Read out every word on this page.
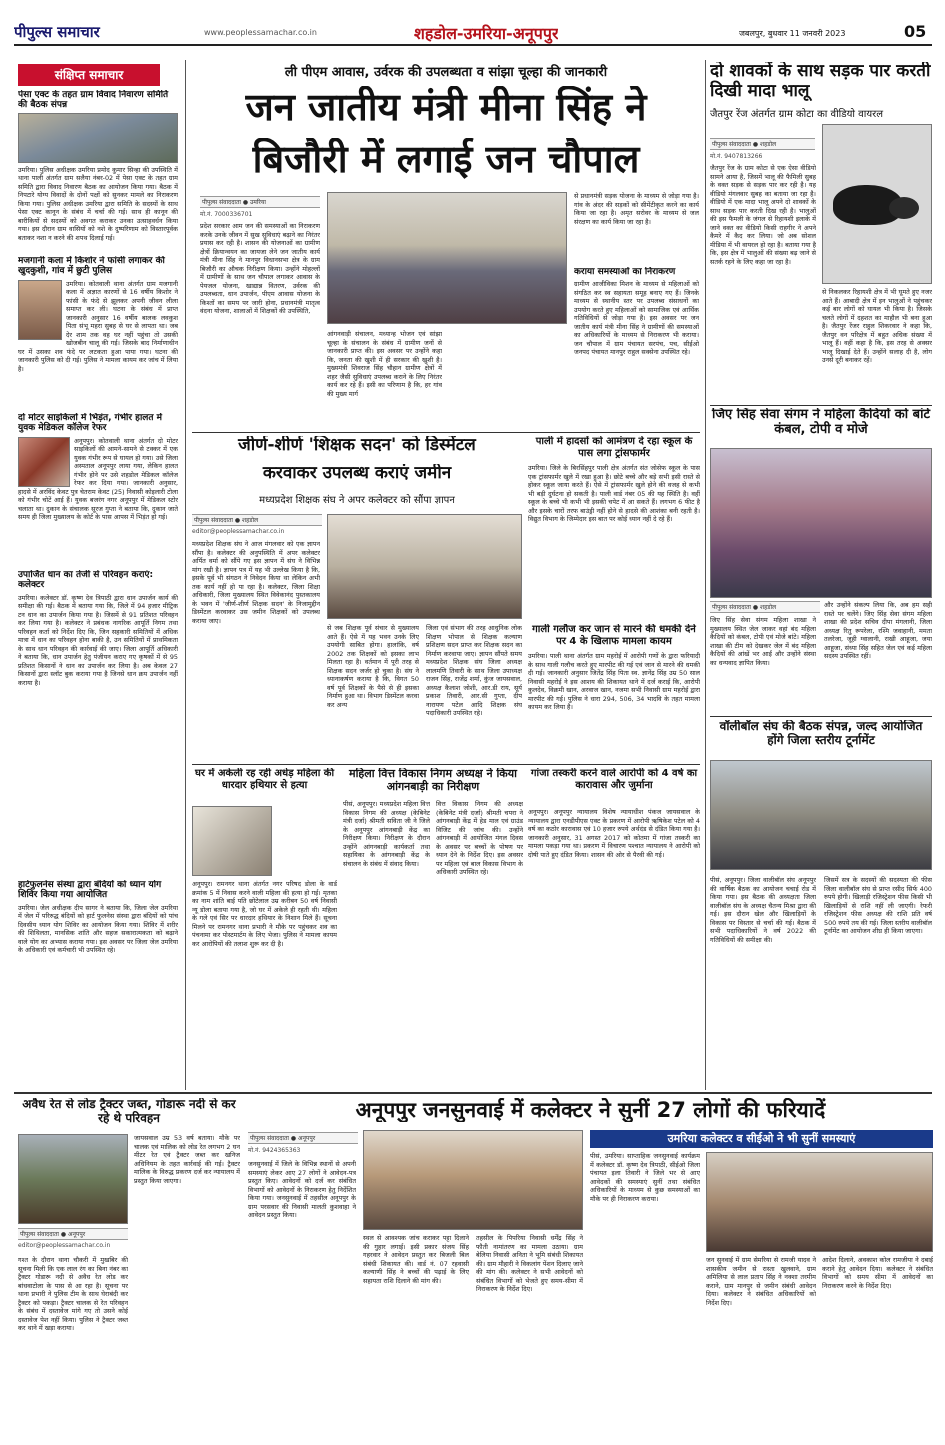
पीपुल्स समाचार	www.peoplessamachar.co.in	शहडोल-उमरिया-अनूपपुर	जबलपुर, बुधवार 11 जनवरी 2023	05
संक्षिप्त समाचार
पेसा एक्ट के तहत ग्राम विवाद निवारण समिति की बैठक संपन्न
उमरिया। पुलिस अधीक्षक उमरिया प्रमोद कुमार सिन्हा की उपस्थिति में थाना पाली अंतर्गत ग्राम सलैया नंबर-02 में पेसा एक्ट के तहत ग्राम समिति द्वारा विवाद निवारण बैठक का आयोजन किया गया। बैठक में निपटारे योग्य विवादों के दोनों पक्षों को सुनकर मामले का निराकरण किया गया। पुलिस अधीक्षक उमरिया द्वारा समिति के सदस्यों के साथ पेसा एक्ट कानून के संबंध में चर्चा की गई। साथ ही कानून की बारीकियों से सदस्यों को अवगत कराकर उनका उत्साहवर्धन किया गया। इस दौरान ग्राम वासियों को नशे के दुष्परिणाम को विस्तारपूर्वक बताकर नशा न करने की शपथ दिलाई गई।
मजगानी कला में किशोर ने फांसी लगाकर की खुदकुशी, गांव में छुटी पुलिस
उमरिया। कोतवाली थाना अंतर्गत ग्राम मजगानी कला में अज्ञात कारणों से 16 वर्षीय किशोर ने फांसी के फंदे से झूलकर अपनी जीवन लीला समाप्त कर ली। घटना के संबंध में प्राप्त जानकारी अनुसार 16 वर्षीय बालक लवकुश पिता संभू महरा सुबह से घर से लापता था। जब देर शाम तक वह घर नहीं पहुंचा तो उसकी खोजबीन चालू की गई। जिसके बाद निर्माणाधीन घर में उसका शव फंदे पर लटकता हुआ पाया गया। घटना की जानकारी पुलिस को दी गई। पुलिस ने मामला कायम कर जांच में लिया है।
दो मोटर साइकिलों में भिड़ंत, गंभीर हालत में युवक मेडिकल कॉलेज रेफर
अनूपपुर। कोतवाली थाना अंतर्गत दो मोटर साइकिलों की आमने-सामने से टक्कर में एक युवक गंभीर रूप से घायल हो गया। उसे जिला अस्पताल अनूपपुर लाया गया, लेकिन हालत गंभीर होने पर उसे शहडोल मेडिकल कॉलेज रेफर कर दिया गया। जानकारी अनुसार, हादसे में अरविंद केवट पुत्र चेतराम केवट (25) निवासी कोइलारी टोला को गंभीर चोटें आई हैं। युवक बजरंग नगर अनूपपुर में मेडिकल स्टोर चलाता था। दुकान के संचालक सूरज गुप्ता ने बताया कि, दुकान जाते समय ही जिला मुख्यालय के कोर्ट के पास आपस में भिड़ंत हो गई।
उपार्जित धान का तेजी से परिवहन कराएं: कलेक्टर
उमरिया। कलेक्टर डॉ. कृष्ण देव त्रिपाठी द्वारा धान उपार्जन कार्य की समीक्षा की गई। बैठक में बताया गया कि, जिले में 94 हजार मीट्रिक टन धान का उपार्जन किया गया है। जिसमें से 91 प्रतिशत परिवहन कर लिया गया है। कलेक्टर ने प्रबंधक नागरिक आपूर्ति निगम तथा परिवहन कर्ता को निर्देश दिए कि, जिन सहकारी समितियों में अधिक मात्रा में धान का परिवहन होना बाकी है, उन समितियों में प्राथमिकता के साथ धान परिवहन की कार्रवाई की जाए। जिला आपूर्ति अधिकारी ने बताया कि, धान उपार्जन हेतु पंजीयन कराए गए कृषकों में से 95 प्रतिशत किसानों ने धान का उपार्जन कर लिया है। अब केवल 27 किसानों द्वारा स्लॉट बुक कराया गया है जिनसे धान क्रय उपार्जन नहीं कराया है।
हार्टफुलनेस संस्था द्वारा बंदियों को ध्यान योग शिविर किया गया आयोजित
उमरिया। जेल अधीक्षक दीप सागर ने बताया कि, जिला जेल उमरिया में जेल में परिरुद्ध बंदियों को हार्ट फुलनेस संस्था द्वारा बंदियों को पांच दिवसीय ध्यान योग शिविर का आयोजन किया गया। शिविर में शरीर की शिथिलता, मानसिक शांति और सहज सकारात्मकता को बढ़ाने वाले योग का अभ्यास कराया गया। इस अवसर पर जिला जेल उमरिया के अधिकारी एवं कर्मचारी भी उपस्थित रहे।
ली पीएम आवास, उर्वरक की उपलब्धता व सांझा चूल्हा की जानकारी
जन जातीय मंत्री मीना सिंह ने
बिजौरी में लगाई जन चौपाल
पीपुल्स संवाददाता ● उमरिया
मो.नं. 7000336701
प्रदेश सरकार आम जन की समस्याओं का निराकरण करके उनके जीवन में सुख सुविधाएं बढ़ाने का निरंतर प्रयास कर रही है। शासन की योजनाओं का ग्रामीण क्षेत्रों क्रियान्वयन का जायजा लेने जन जातीय कार्य मंत्री मीना सिंह ने मानपुर विधानसभा क्षेत्र के ग्राम बिजौरी का औचक निरीक्षण किया। उन्होंने मोहल्लों में ग्रामीणों के साथ जन चौपाल लगाकर आवास के पेयजल योजना, खाद्यान्न वितरण, उर्वरक की उपलब्धता, धान उपार्जन, पीएम आवास योजना के किश्तों का समय पर जारी होना, प्रधानमंत्री मातृत्व वंदना योजना, शालाओं में शिक्षकों की उपस्थिति,
आंगनवाड़ी संचालन, मध्यान्ह भोजन एवं सांझा चूल्हा के संचालन के संबंध में ग्रामीण जनों से जानकारी प्राप्त की। इस अवसर पर उन्होंने कहा कि, जनता की खुशी में ही सरकार की खुशी है। मुख्यमंत्री शिवराज सिंह चौहान ग्रामीण क्षेत्रों में शहर जैसी सुविधाएं उपलब्ध कराने के लिए निरंतर कार्य कर रहे हैं। इसी का परिणाम है कि, हर गांव की मुख्य मार्ग
से प्रधानमंत्री सड़क योजना के माध्यम से जोड़ा गया है। गांव के अंदर की सड़कों को सीमेंटीकृत करने का कार्य किया जा रहा है। अमृत सरोवर के माध्यम से जल संरक्षण का कार्य किया जा रहा है।
कराया समस्याओं का निराकरण
ग्रामीण आजीविका मिशन के माध्यम से महिलाओं को संगठित कर स्व सहायता समूह बनाए गए हैं। जिनके माध्यम से स्थानीय स्तर पर उपलब्ध संसाधनों का उपयोग करते हुए महिलाओं को सामाजिक एवं आर्थिक गतिविधियों से जोड़ा गया है। इस अवसर पर जन जातीय कार्य मंत्री मीना सिंह ने ग्रामीणों की समस्याओं का अधिकारियों के माध्यम से निराकरण भी कराया। जन चौपाल में ग्राम पंचायत सरपंच, पच, सीईओ जनपद पंचायत मानपुर राहुल सक्सेना उपस्थित रहे।
दो शावकों के साथ सड़क पार करती दिखी मादा भालू
जैतपुर रेंज अंतर्गत ग्राम कोटा का वीडियो वायरल
पीपुल्स संवाददाता ● शहडोल
मो.नं. 9407813266
जैतपुर रेंज के ग्राम कोटा से एक ऐसा वीडियो सामने आया है, जिसमें भालू की फैमिली सुबह के वक्त सड़क से सड़क पार कर रही है। यह वीडियो मंगलवार सुबह का बताया जा रहा है। वीडियो में एक मादा भालू अपने दो शावकों के साथ सड़क पार करती दिख रही है। भालुओं की इस फैमली के जंगल से रिहायशी इलाके में जाने वक्त का वीडियो किसी राहगीर ने अपने कैमरे में कैद कर लिया। जो अब सोशल मीडिया में भी वायरल हो रहा है। बताया गया है कि, इस क्षेत्र में भालुओं की संख्या बढ़ जाने से सतर्क रहने के लिए कहा जा रहा है।
से निकलकर रिहायशी क्षेत्र में भी घूमते हुए नजर आते हैं। आबादी क्षेत्र में इन भालुओं ने पहुंचकर कई बार लोगों को घायल भी किया है। जिसके चलते लोगों में दहशत का माहौल भी बना हुआ है। जैतपुर रेंजर राहुल शिकरवार ने कहा कि, जैतपुर वन परिक्षेत्र में बहुत अधिक संख्या में भालू हैं। वहीं कहा है कि, इस तरह से अक्सर भालू दिखाई देते हैं। उन्होंने सलाह दी है, लोग उनसे दूरी बनाकर रहें।
जीर्ण-शीर्ण 'शिक्षक सदन' को डिस्मेंटल
करवाकर उपलब्ध कराएं जमीन
मध्यप्रदेश शिक्षक संघ ने अपर कलेक्टर को सौंपा ज्ञापन
पीपुल्स संवाददाता ● शहडोल
editor@peoplessamachar.co.in
मध्यप्रदेश शिक्षक संघ ने आज मंगलवार को एक ज्ञापन सौंपा है। कलेक्टर की अनुपस्थिति में अपर कलेक्टर अर्पित वर्मा को सौंपे गए इस ज्ञापन में संघ ने विभिन्न मांग रखी है। ज्ञापन पत्र में यह भी उल्लेख किया है कि, इसके पूर्व भी संगठन ने निवेदन किया था लेकिन अभी तक कार्य नहीं हो पा रहा है। कलेक्टर, जिला शिक्षा अधिकारी, जिला मुख्यालय स्थित विवेकानंद पुस्तकालय के भवन में 'जीर्ण-शीर्ण शिक्षक सदन' के निजामुद्दीन डिस्मेंटल करवाकर उस जमीन शिक्षकों को उपलब्ध कराया जाए।
से जब शिक्षक पूर्व संचार से मुख्यालय आते हैं। ऐसे में यह भवन उनके लिए उपयोगी साबित होगा। हालांकि, वर्ष 2002 तक शिक्षकों को इसका लाभ मिलता रहा है। वर्तमान में पूरी तरह से शिक्षक सदन जर्जर हो चुका है। संघ ने ध्यानाकर्षण कराया है कि, विगत 50 वर्ष पूर्व शिक्षकों के पैसे से ही इसका निर्माण हुआ था। विभाग डिस्मेंटल करवा कर अन्य
जिला एवं संभाग की तरह आधुनिक लोक शिक्षण भोपाल से शिक्षक कल्याण प्रशिक्षण सदन प्राप्त कर शिक्षक सदन का निर्माण करवाया जाए। ज्ञापन सौंपते समय मध्यप्रदेश शिक्षक संघ जिला अध्यक्ष लालमणि तिवारी के साथ जिला उपाध्यक्ष राजन सिंह, राजेंद्र शर्मा, कुंज जायसवाल, अध्यक्ष कैलाश जोशी, आर.डी राय, सूर्य प्रकाश तिवारी, आर.सी गुप्ता, दीप नारायण पटेल आदि शिक्षक संघ पदाधिकारी उपस्थित रहे।
पाली में हादसों को आमंत्रण दे रहा स्कूल के पास लगा ट्रांसफार्मर
उमरिया। जिले के बिरसिंहपुर पाली क्षेत्र अंतर्गत संत जोसेफ स्कूल के पास एक ट्रांसफार्मर खुले में रखा हुआ है। छोटे बच्चे और बड़े सभी इसी रास्ते से होकर स्कूल जाया करते हैं। ऐसे में ट्रांसफार्मर खुले होने की वजह से कभी भी बड़ी दुर्घटना हो सकती है। पाली वार्ड नंबर 05 की यह स्थिति है। वहीं स्कूल के बच्चे भी कभी भी इसकी चपेट में आ सकते हैं। लगभग 6 फीट है और इसके चारों तरफ बाउंड्री नहीं होने से हादसे की आशंका बनी रहती है। विद्युत विभाग के जिम्मेदार इस बात पर कोई ध्यान नहीं दे रहे हैं।
गाली गलौज कर जान से मारने की धमकी देने पर 4 के खिलाफ मामला कायम
उमरिया। पाली थाना अंतर्गत ग्राम महरोई में आरोपी गणों के द्वारा फरियादी के साथ गाली गलौच करते हुए मारपीट की गई एवं जान से मारने की धमकी दी गई। जानकारी अनुसार जितेंद्र सिंह पिता स्व. ज्ञानेंद्र सिंह उम्र 50 साल निवासी महरोई ने इस आशय की शिकायत थाने में दर्ज कराई कि, आरोपी कुलदेव, विक्रमी खान, अरवाज खान, नजमा सभी निवासी ग्राम महरोई द्वारा मारपीट की गई। पुलिस ने धारा 294, 506, 34 भादवि के तहत मामला कायम कर लिया है।
जिए सिंह सेवा संगम ने महिला कैदियों को बांटे कंबल, टोपी व मोजे
पीपुल्स संवाददाता ● शहडोल
जिए सिंह सेवा संगम महिला शाखा ने मुख्यालय स्थित जेल जाकर वहां बंद महिला कैदियों को कंबल, टोपी एवं मोजे बांटे। महिला शाखा की टीम को देखकर जेल में बंद महिला कैदियों की आंखें भर आईं और उन्होंने संस्था का धन्यवाद ज्ञापित किया।
और उन्होंने संकल्प लिया कि, अब हम सही रास्ते पर चलेंगे। जिए सिंह सेवा संगम महिला शाखा की प्रदेश सचिव दीपा मंगलानी, जिला अध्यक्ष रितु रूपरेला, रश्मि जवाहानी, ममता तलरेजा, जूही ग्वालानी, राखी आहूजा, जया आहूजा, संध्या सिंह सहित जेल एवं कई महिला सदस्य उपस्थित रहीं।
वॉलीबॉल संघ की बैठक संपन्न, जल्द आयोजित होंगे जिला स्तरीय टूर्नामेंट
पीसं, अनूपपुर। जिला वालीबॉल संघ अनूपपुर की वार्षिक बैठक का आयोजन चचाई रोड में किया गया। इस बैठक की अध्यक्षता जिला वालीबॉल संघ के अध्यक्ष चैतन्य मिश्रा द्वारा की गई। इस दौरान खेल और खिलाड़ियों के विकास पर विस्तार से चर्चा की गई। बैठक में सभी पदाधिकारियों ने वर्ष 2022 की गतिविधियों की समीक्षा की।
जिसमें सत्र के सदस्यों की सदस्यता की फीस जिला वालीबॉल संघ से प्राप्त रसीद सिर्फ 400 रुपये होगी। खिलाड़ी रजिस्ट्रेशन फीस किसी भी खिलाड़ियों से राशि नहीं ली जाएगी। रेफरी रजिस्ट्रेशन फीस अध्यक्ष की राशि प्रति वर्ष 500 रुपये तय की गई। जिला स्तरीय वालीबॉल टूर्नामेंट का आयोजन शीघ्र ही किया जाएगा।
घर में अकेली रह रही अधेड़ महिला की धारदार हथियार से हत्या
अनूपपुर। रामनगर थाना अंतर्गत नगर परिषद डोला के वार्ड क्रमांक 5 में निवास करने वाली महिला की हत्या हो गई। मृतका का नाम शांति बाई पति छोटेलाल उम्र करीबन 50 वर्ष निवासी न्यू डोला बताया गया है, जो घर में अकेले ही रहती थी। महिला के गले एवं सिर पर धारदार हथियार के निशान मिले हैं। सूचना मिलने पर रामनगर थाना प्रभारी ने मौके पर पहुंचकर शव का पंचनामा कर पोस्टमार्टम के लिए भेजा। पुलिस ने मामला कायम कर आरोपियों की तलाश शुरू कर दी है।
महिला वित्त विकास निगम अध्यक्ष ने किया आंगनबाड़ी का निरीक्षण
पीसं, अनूपपुर। मध्यप्रदेश महिला वित्त विकास निगम की अध्यक्ष (केबिनेट मंत्री दर्जा) श्रीमती सविता जी ने जिले के अनूपपुर आंगनबाड़ी केंद्र का निरीक्षण किया। निरीक्षण के दौरान उन्होंने आंगनबाड़ी कार्यकर्ता तथा सहायिका के आंगनबाड़ी केंद्र के संचालन के संबंध में संवाद किया।
वित्त विकास निगम की अध्यक्ष (केबिनेट मंत्री दर्जा) श्रीमती चपरा ने आंगनबाड़ी केंद्र में हेड माल एवं ग्राउंड विजिट की जांच की। उन्होंने आंगनबाड़ी में आयोजित मंगल दिवस के अवसर पर बच्चों के पोषण पर ध्यान देने के निर्देश दिए। इस अवसर पर महिला एवं बाल विकास विभाग के अधिकारी उपस्थित रहे।
गांजा तस्करी करने वाले आरोपी को 4 वर्ष का कारावास और जुर्माना
अनूपपुर। अनूपपुर न्यायालय विशेष न्यायाधीश पंकज जायसवाल के न्यायालय द्वारा एनडीपीएस एक्ट के प्रकरण में आरोपी ऋषिकेश पटेल को 4 वर्ष का कठोर कारावास एवं 10 हजार रुपये अर्थदंड से दंडित किया गया है। जानकारी अनुसार, 31 अगस्त 2017 को कोतमा में गांजा तस्करी का मामला पकड़ा गया था। प्रकरण में विचारण पश्चात न्यायालय ने आरोपी को दोषी पाते हुए दंडित किया। शासन की ओर से पैरवी की गई।
अवैध रेत से लोड ट्रैक्टर जब्त, गोडारू नदी से कर रहे थे परिवहन
पीपुल्स संवाददाता ● अनूपपुर
editor@peoplessamachar.co.in
गश्त के दौरान थाना चौकरी में मुखबिर की सूचना मिली कि एक लाल रंग का बिना नंबर का ट्रैक्टर गोडारू नदी से अवैध रेत लोड कर बांधवाटोला के पास से आ रहा है। सूचना पर थाना प्रभारी ने पुलिस टीम के साथ घेराबंदी कर ट्रैक्टर को पकड़ा। ट्रैक्टर चालक से रेत परिवहन के संबंध में दस्तावेज मांगे गए तो उसने कोई दस्तावेज पेश नहीं किया। पुलिस ने ट्रैक्टर जब्त कर थाने में खड़ा कराया।
जायसवाल उम्र 53 वर्ष बताया। मौके पर चालक एवं मालिक को लोड रेत लगभग 2 घन मीटर रेत एवं ट्रैक्टर जब्त कर खनिज अधिनियम के तहत कार्रवाई की गई। ट्रैक्टर मालिक के विरुद्ध प्रकरण दर्ज कर न्यायालय में प्रस्तुत किया जाएगा।
अनूपपुर जनसुनवाई में कलेक्टर ने सुनीं 27 लोगों की फरियादें
पीपुल्स संवाददाता ● अनूपपुर
मो.नं. 9424365363
जनसुनवाई में जिले के विभिन्न स्थानों से अपनी समस्याएं लेकर आए 27 लोगों ने आवेदन-पत्र प्रस्तुत किए। आवेदनों को दर्ज कर संबंधित विभागों को आवेदनों के निराकरण हेतु निर्देशित किया गया। जनसुनवाई में तहसील अनूपपुर के ग्राम परसवार की निवासी मालती कुशवाहा ने आवेदन प्रस्तुत किया।
स्थल से आवश्यक जांच कराकर पट्टा दिलाने की गुहार लगाई। इसी प्रकार संजय सिंह गहरवार ने आवेदन प्रस्तुत कर बिजली बिल संबंधी शिकायत की। वार्ड नं. 07 रहवासी कल्याणी सिंह ने बच्चों की पढ़ाई के लिए सहायता राशि दिलाने की मांग की।
तहसील के पिपरिया निवासी धर्मेंद्र सिंह ने फौती नामांतरण का मामला उठाया। ग्राम बेलिया निवासी अनिता ने भूमि संबंधी शिकायत की। ग्राम मौहारी ने विकलांग पेंशन दिलाए जाने की मांग की। कलेक्टर ने सभी आवेदनों को संबंधित विभागों को भेजते हुए समय-सीमा में निराकरण के निर्देश दिए।
उमरिया कलेक्टर व सीईओ ने भी सुनीं समस्याएं
पीसं, उमरिया। साप्ताहिक जनसुनवाई कार्यक्रम में कलेक्टर डॉ. कृष्ण देव त्रिपाठी, सीईओ जिला पंचायत इला तिवारी ने जिले भर से आए आवेदकों की समस्याएं सुनीं तथा संबंधित अधिकारियों के माध्यम से कुछ समस्याओं का मौके पर ही निराकरण कराया।
जन सुनवाई में ग्राम सेमरिया से रामजी यादव ने शासकीय जमीन से रास्ता खुलवाने, ग्राम अमिलिया से लाल प्रताप सिंह ने नक्शा तरमीम कराने, ग्राम मानपुर से जमीन संबंधी आवेदन दिया। कलेक्टर ने संबंधित अधिकारियों को निर्देश दिए।
आदेश दिलाने, अवकाश कोल रामजीया ने दबाई कराने हेतु आवेदन दिया। कलेक्टर ने संबंधित विभागों को समय सीमा में आवेदनों का निराकरण करने के निर्देश दिए।
